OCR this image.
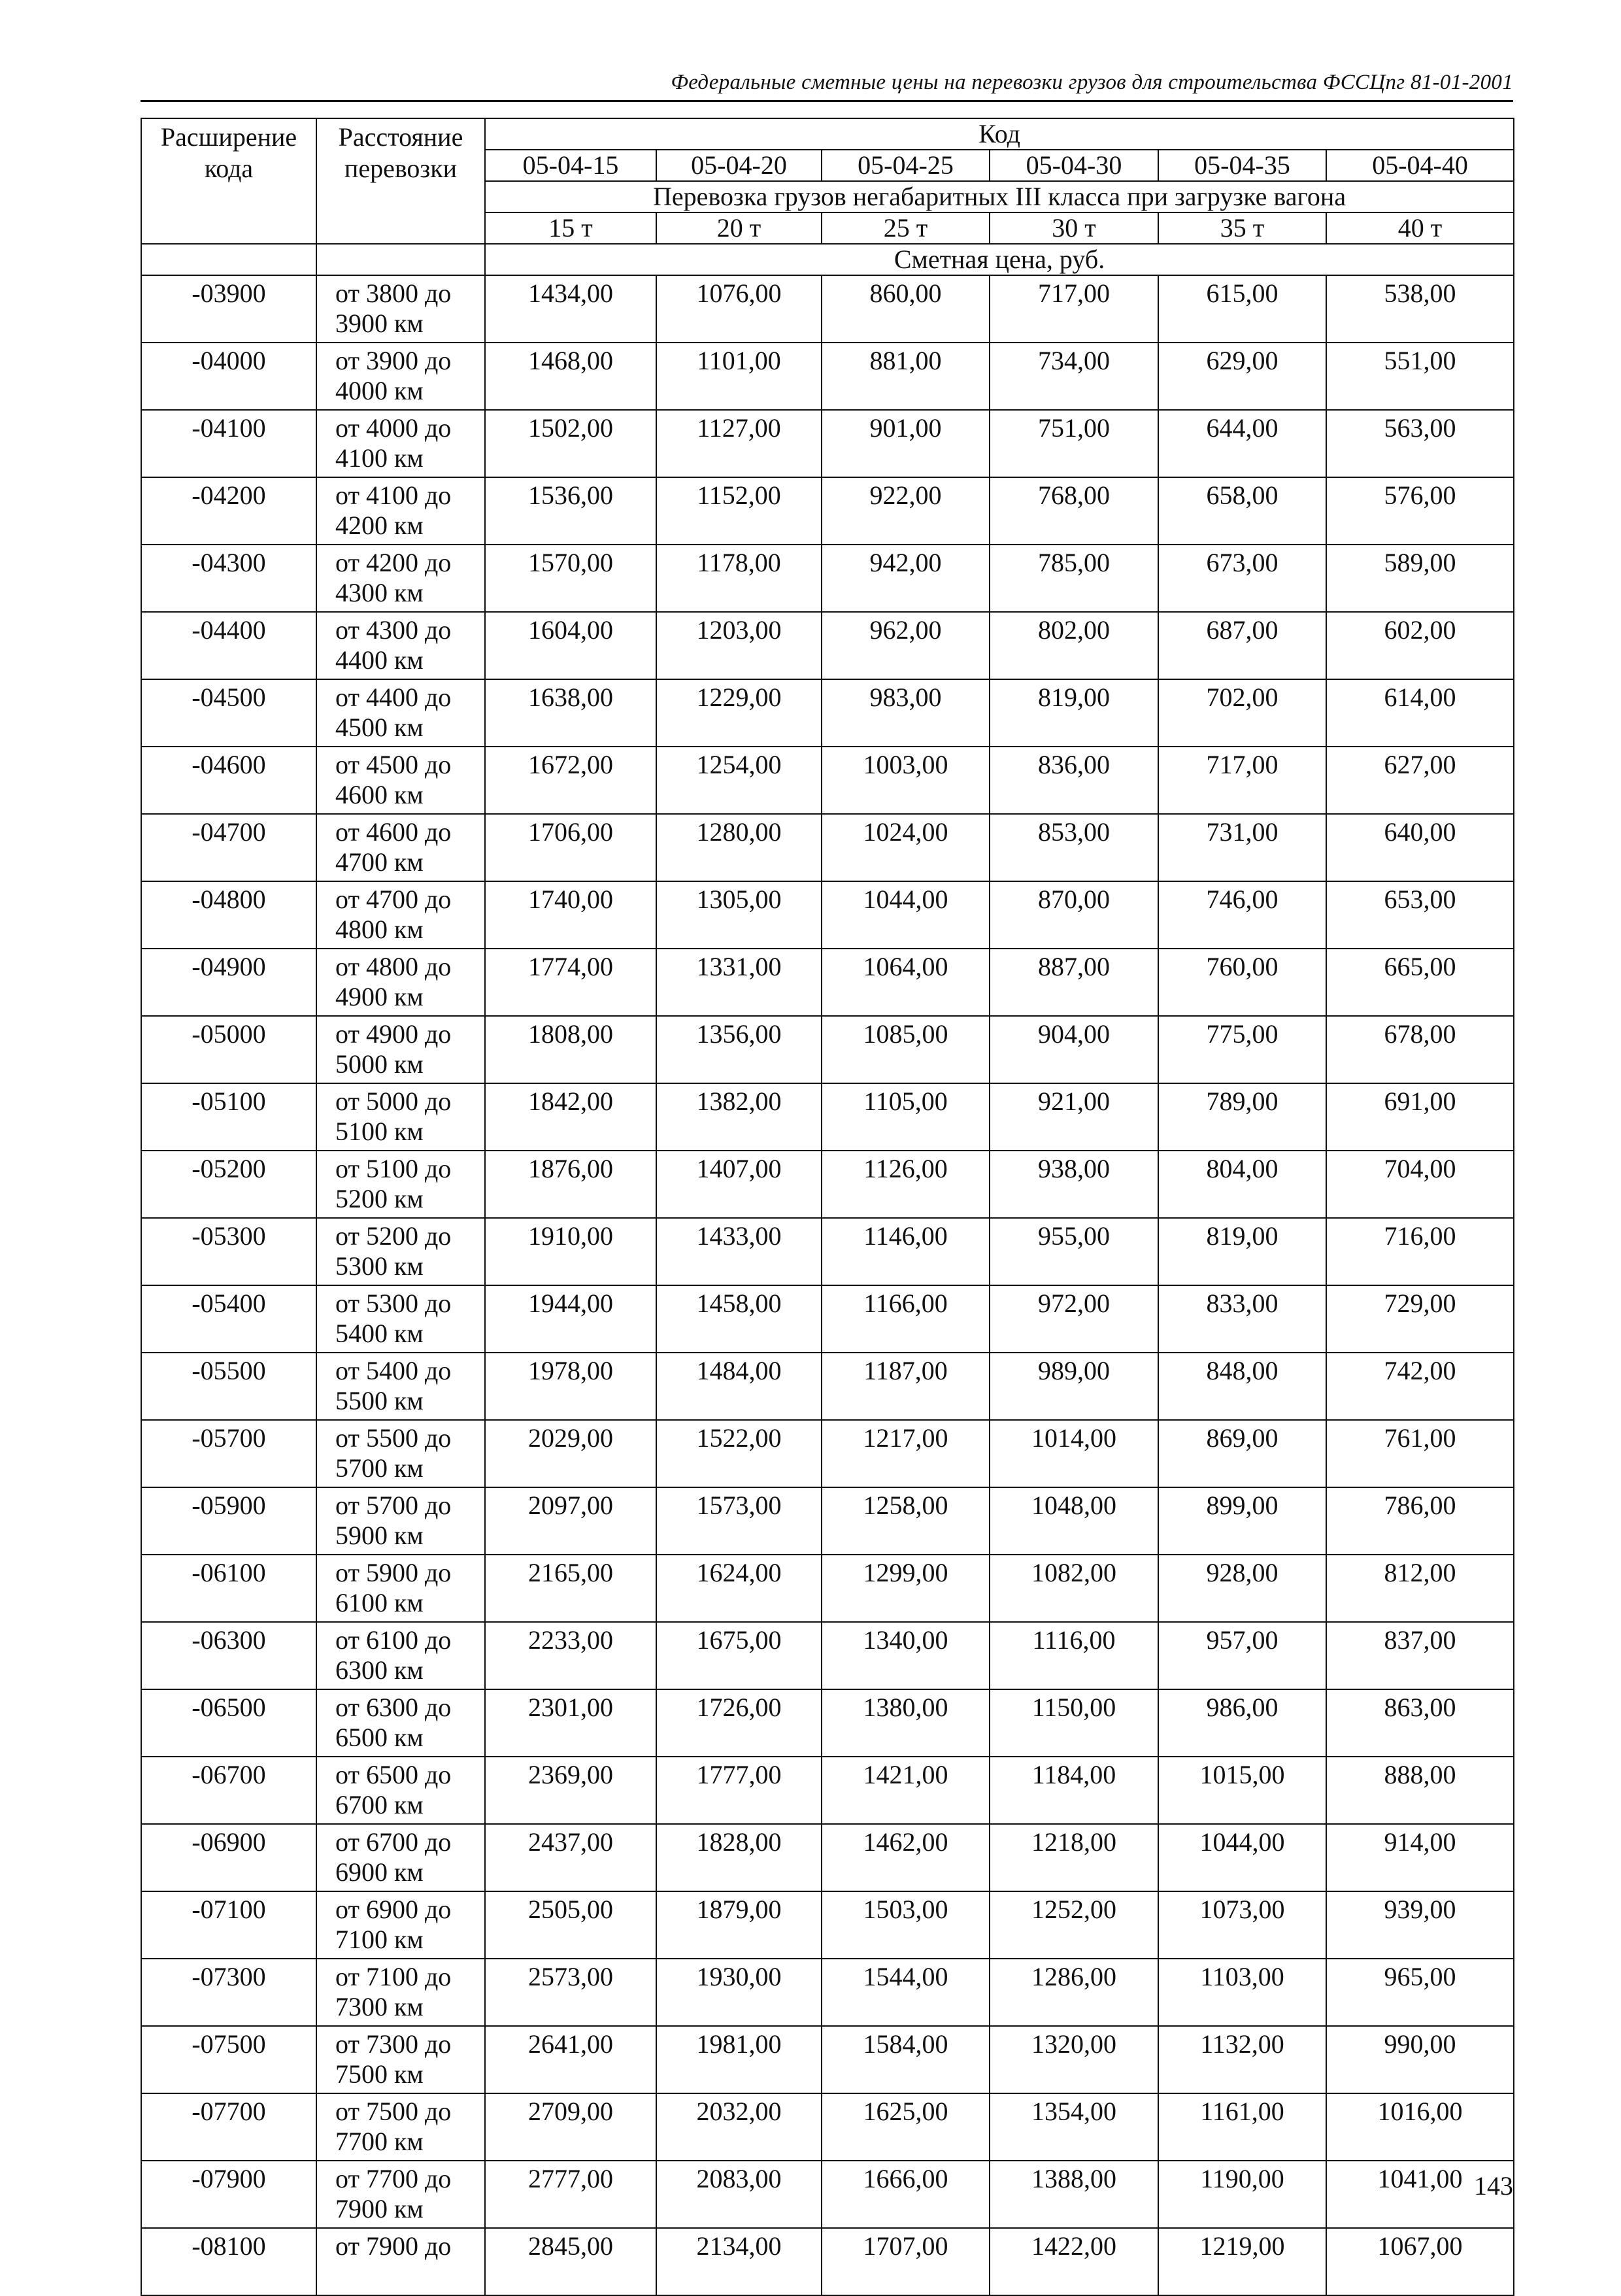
Федеральные сметные цены на перевозки грузов для строительства ФССЦпг 81-01-2001
Расширение кода	Расстояние перевозки	Код					
		05-04-15	05-04-20	05-04-25	05-04-30	05-04-35	05-04-40
		Перевозка грузов негабаритных III класса при загрузке вагона					
		15 т	20 т	25 т	30 т	35 т	40 т
		Сметная цена, руб.					
-03900	от 3800 до 3900 км	1434,00	1076,00	860,00	717,00	615,00	538,00
-04000	от 3900 до 4000 км	1468,00	1101,00	881,00	734,00	629,00	551,00
-04100	от 4000 до 4100 км	1502,00	1127,00	901,00	751,00	644,00	563,00
-04200	от 4100 до 4200 км	1536,00	1152,00	922,00	768,00	658,00	576,00
-04300	от 4200 до 4300 км	1570,00	1178,00	942,00	785,00	673,00	589,00
-04400	от 4300 до 4400 км	1604,00	1203,00	962,00	802,00	687,00	602,00
-04500	от 4400 до 4500 км	1638,00	1229,00	983,00	819,00	702,00	614,00
-04600	от 4500 до 4600 км	1672,00	1254,00	1003,00	836,00	717,00	627,00
-04700	от 4600 до 4700 км	1706,00	1280,00	1024,00	853,00	731,00	640,00
-04800	от 4700 до 4800 км	1740,00	1305,00	1044,00	870,00	746,00	653,00
-04900	от 4800 до 4900 км	1774,00	1331,00	1064,00	887,00	760,00	665,00
-05000	от 4900 до 5000 км	1808,00	1356,00	1085,00	904,00	775,00	678,00
-05100	от 5000 до 5100 км	1842,00	1382,00	1105,00	921,00	789,00	691,00
-05200	от 5100 до 5200 км	1876,00	1407,00	1126,00	938,00	804,00	704,00
-05300	от 5200 до 5300 км	1910,00	1433,00	1146,00	955,00	819,00	716,00
-05400	от 5300 до 5400 км	1944,00	1458,00	1166,00	972,00	833,00	729,00
-05500	от 5400 до 5500 км	1978,00	1484,00	1187,00	989,00	848,00	742,00
-05700	от 5500 до 5700 км	2029,00	1522,00	1217,00	1014,00	869,00	761,00
-05900	от 5700 до 5900 км	2097,00	1573,00	1258,00	1048,00	899,00	786,00
-06100	от 5900 до 6100 км	2165,00	1624,00	1299,00	1082,00	928,00	812,00
-06300	от 6100 до 6300 км	2233,00	1675,00	1340,00	1116,00	957,00	837,00
-06500	от 6300 до 6500 км	2301,00	1726,00	1380,00	1150,00	986,00	863,00
-06700	от 6500 до 6700 км	2369,00	1777,00	1421,00	1184,00	1015,00	888,00
-06900	от 6700 до 6900 км	2437,00	1828,00	1462,00	1218,00	1044,00	914,00
-07100	от 6900 до 7100 км	2505,00	1879,00	1503,00	1252,00	1073,00	939,00
-07300	от 7100 до 7300 км	2573,00	1930,00	1544,00	1286,00	1103,00	965,00
-07500	от 7300 до 7500 км	2641,00	1981,00	1584,00	1320,00	1132,00	990,00
-07700	от 7500 до 7700 км	2709,00	2032,00	1625,00	1354,00	1161,00	1016,00
-07900	от 7700 до 7900 км	2777,00	2083,00	1666,00	1388,00	1190,00	1041,00
-08100	от 7900 до	2845,00	2134,00	1707,00	1422,00	1219,00	1067,00
143
